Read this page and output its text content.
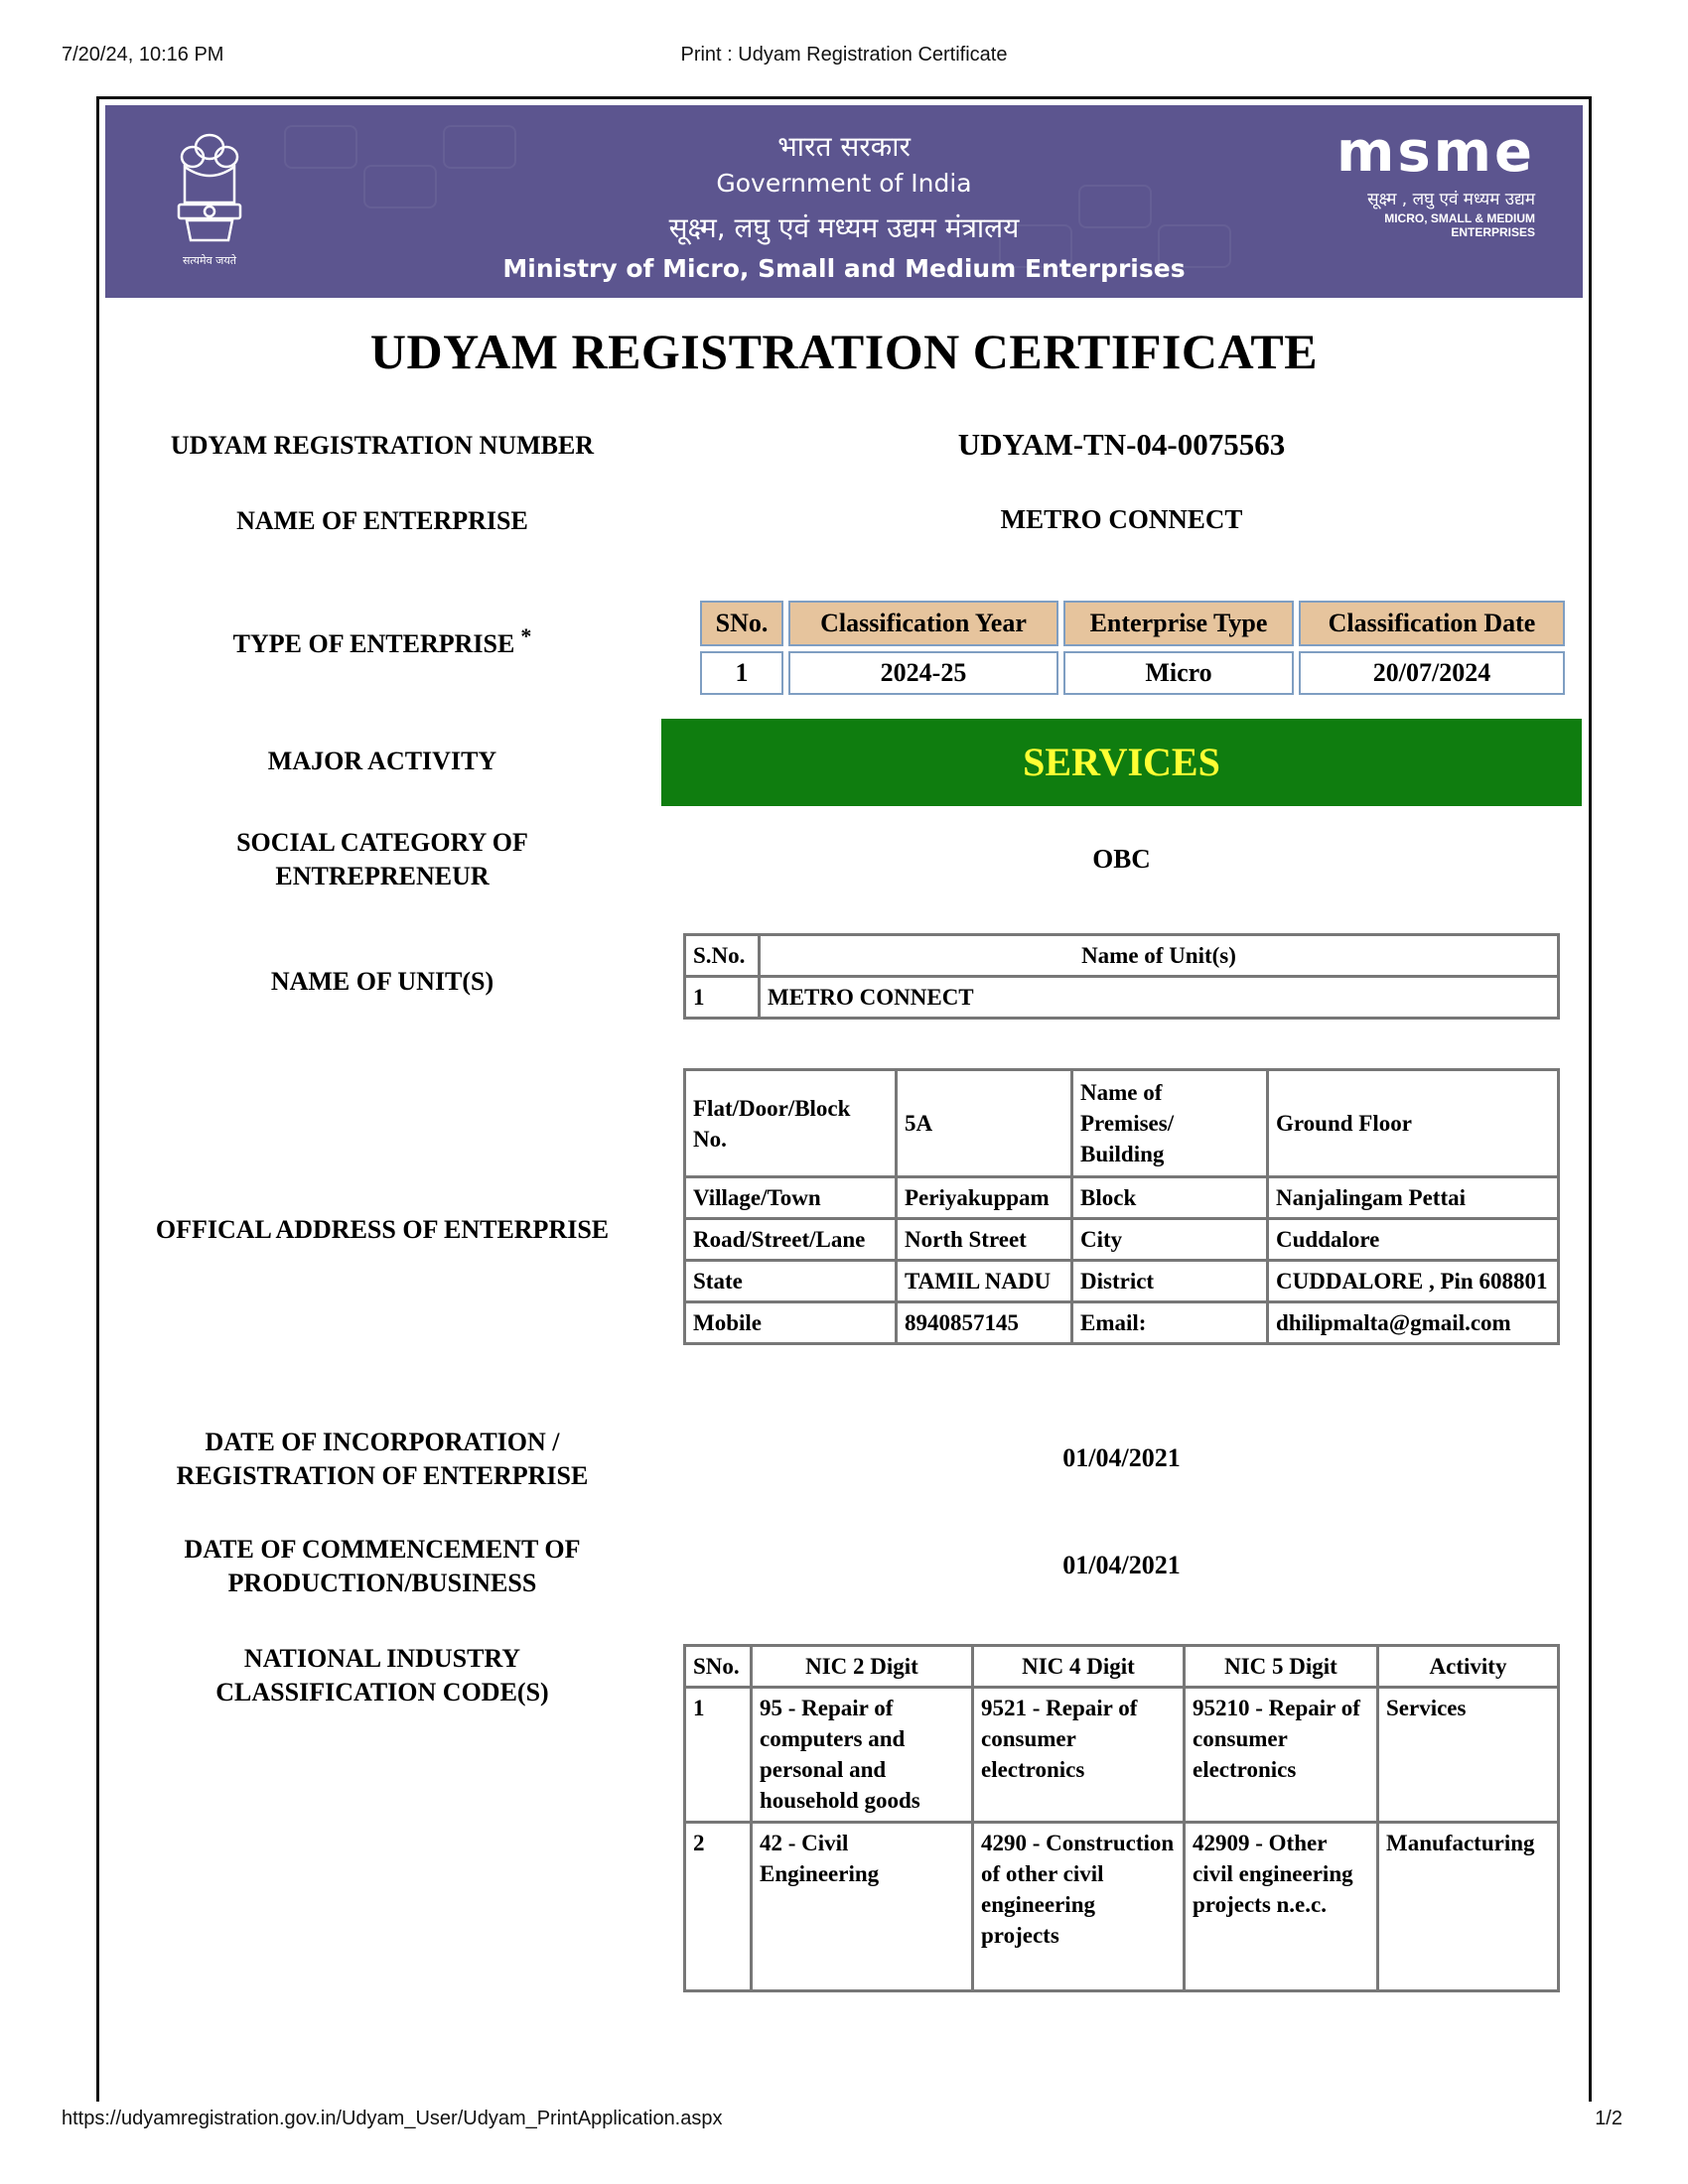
7/20/24, 10:16 PM	Print : Udyam Registration Certificate
सत्यमेव जयते
भारत सरकार
Government of India
सूक्ष्म, लघु एवं मध्यम उद्यम मंत्रालय
Ministry of Micro, Small and Medium Enterprises
msme
सूक्ष्म , लघु एवं मध्यम उद्यम
MICRO, SMALL & MEDIUM ENTERPRISES
UDYAM REGISTRATION CERTIFICATE
UDYAM REGISTRATION NUMBER	UDYAM-TN-04-0075563
NAME OF ENTERPRISE	METRO CONNECT
TYPE OF ENTERPRISE *	SNo.	Classification Year	Enterprise Type	Classification Date
1	2024-25	Micro	20/07/2024
MAJOR ACTIVITY	SERVICES
SOCIAL CATEGORY OF
ENTREPRENEUR
OBC
NAME OF UNIT(S)
S.No.	Name of Unit(s)
1	METRO CONNECT
OFFICAL ADDRESS OF ENTERPRISE
Flat/Door/Block No.	5A	Name of Premises/ Building	Ground Floor
Village/Town	Periyakuppam	Block	Nanjalingam Pettai
Road/Street/Lane	North Street	City	Cuddalore
State	TAMIL NADU	District	CUDDALORE , Pin 608801
Mobile	8940857145	Email:	dhilipmalta@gmail.com
DATE OF INCORPORATION /
REGISTRATION OF ENTERPRISE
01/04/2021
DATE OF COMMENCEMENT OF
PRODUCTION/BUSINESS
01/04/2021
NATIONAL INDUSTRY
CLASSIFICATION CODE(S)
SNo.	NIC 2 Digit	NIC 4 Digit	NIC 5 Digit	Activity
1	95 - Repair of computers and personal and household goods	9521 - Repair of consumer electronics	95210 - Repair of consumer electronics	Services
2	42 - Civil Engineering	4290 - Construction of other civil engineering projects	42909 - Other civil engineering projects n.e.c.	Manufacturing
https://udyamregistration.gov.in/Udyam_User/Udyam_PrintApplication.aspx	1/2
